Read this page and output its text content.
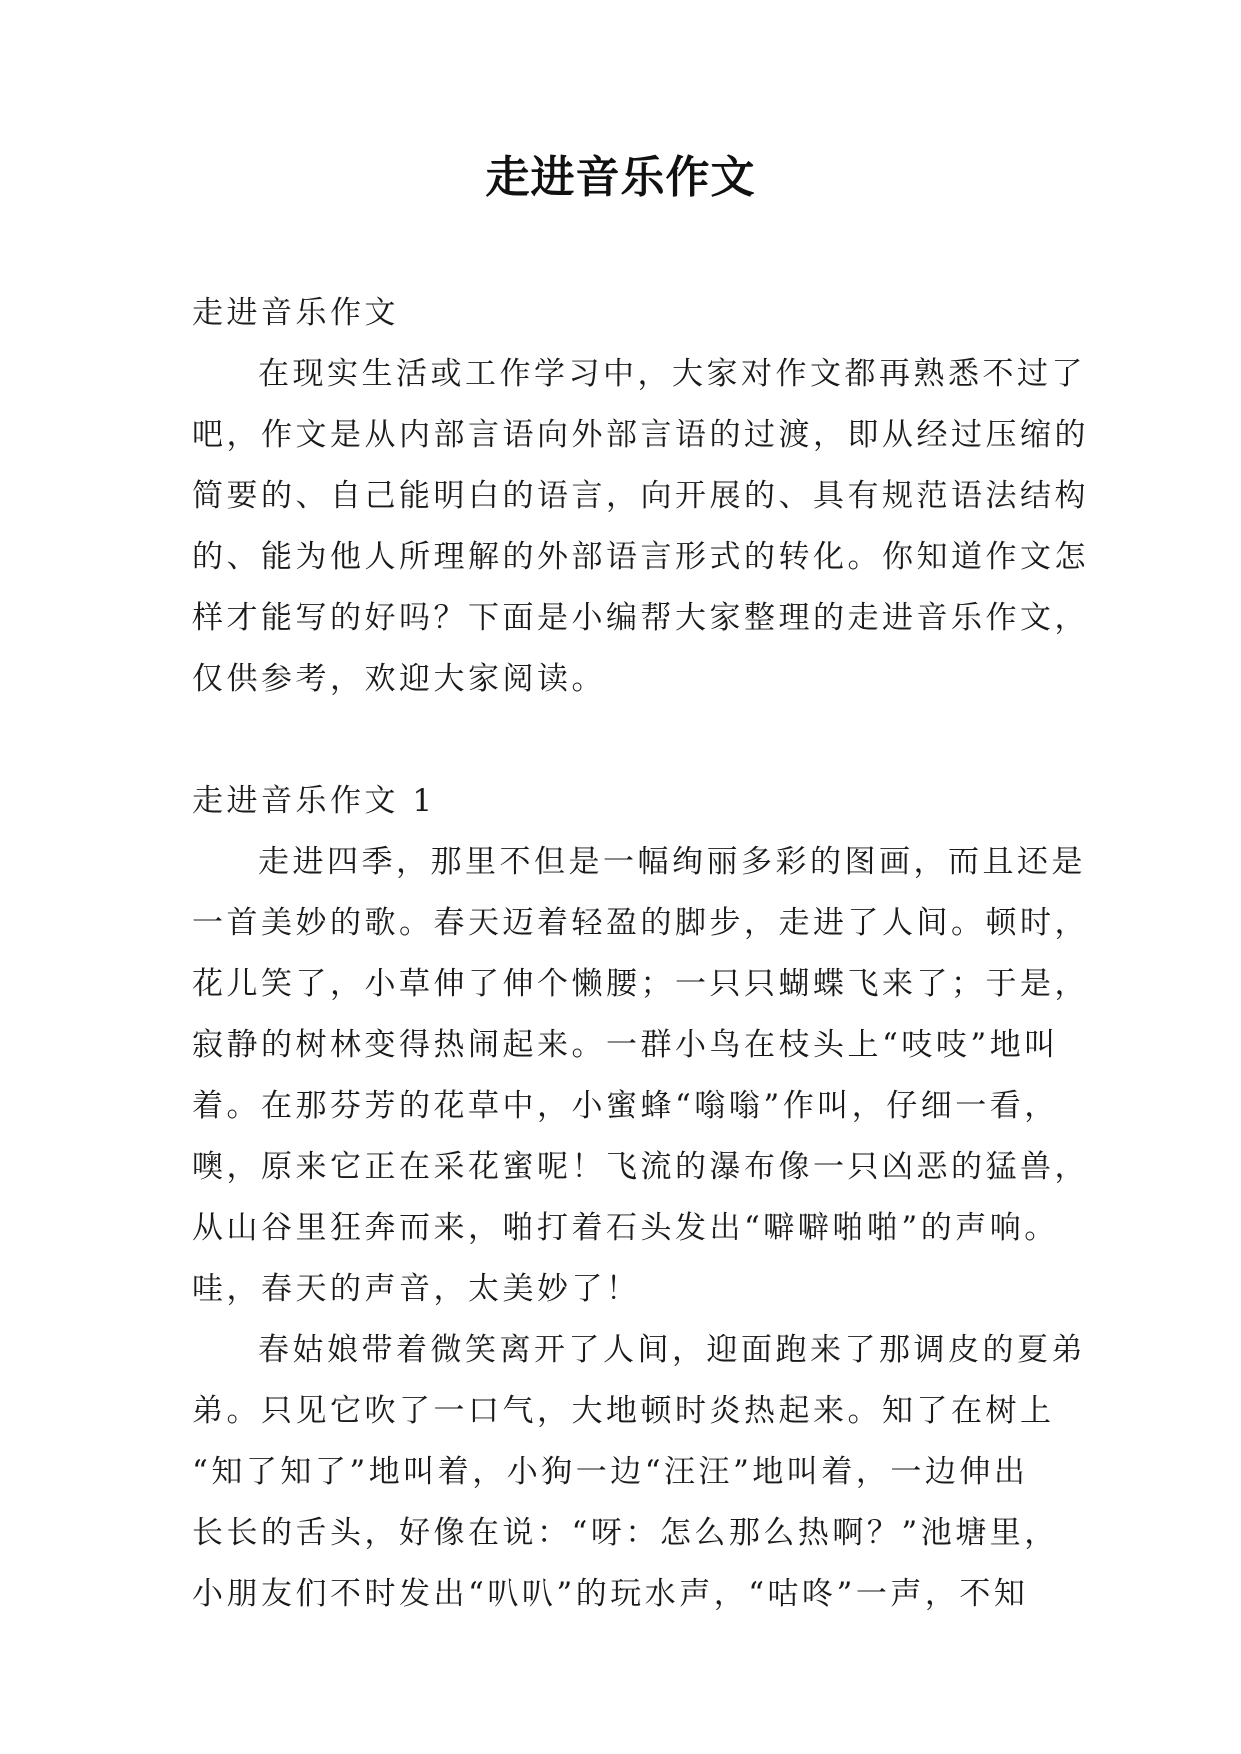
走进音乐作文
走进音乐作文
在现实生活或工作学习中，大家对作文都再熟悉不过了
吧，作文是从内部言语向外部言语的过渡，即从经过压缩的
简要的、自己能明白的语言，向开展的、具有规范语法结构
的、能为他人所理解的外部语言形式的转化。你知道作文怎
样才能写的好吗？下面是小编帮大家整理的走进音乐作文，
仅供参考，欢迎大家阅读。
走进音乐作文 1
走进四季，那里不但是一幅绚丽多彩的图画，而且还是
一首美妙的歌。春天迈着轻盈的脚步，走进了人间。顿时，
花儿笑了，小草伸了伸个懒腰；一只只蝴蝶飞来了；于是，
寂静的树林变得热闹起来。一群小鸟在枝头上“吱吱”地叫
着。在那芬芳的花草中，小蜜蜂“嗡嗡”作叫，仔细一看，
噢，原来它正在采花蜜呢！飞流的瀑布像一只凶恶的猛兽，
从山谷里狂奔而来，啪打着石头发出“噼噼啪啪”的声响。
哇，春天的声音，太美妙了！
春姑娘带着微笑离开了人间，迎面跑来了那调皮的夏弟
弟。只见它吹了一口气，大地顿时炎热起来。知了在树上
“知了知了”地叫着，小狗一边“汪汪”地叫着，一边伸出
长长的舌头，好像在说：“呀：怎么那么热啊？”池塘里，
小朋友们不时发出“叭叭”的玩水声，“咕咚”一声，不知
